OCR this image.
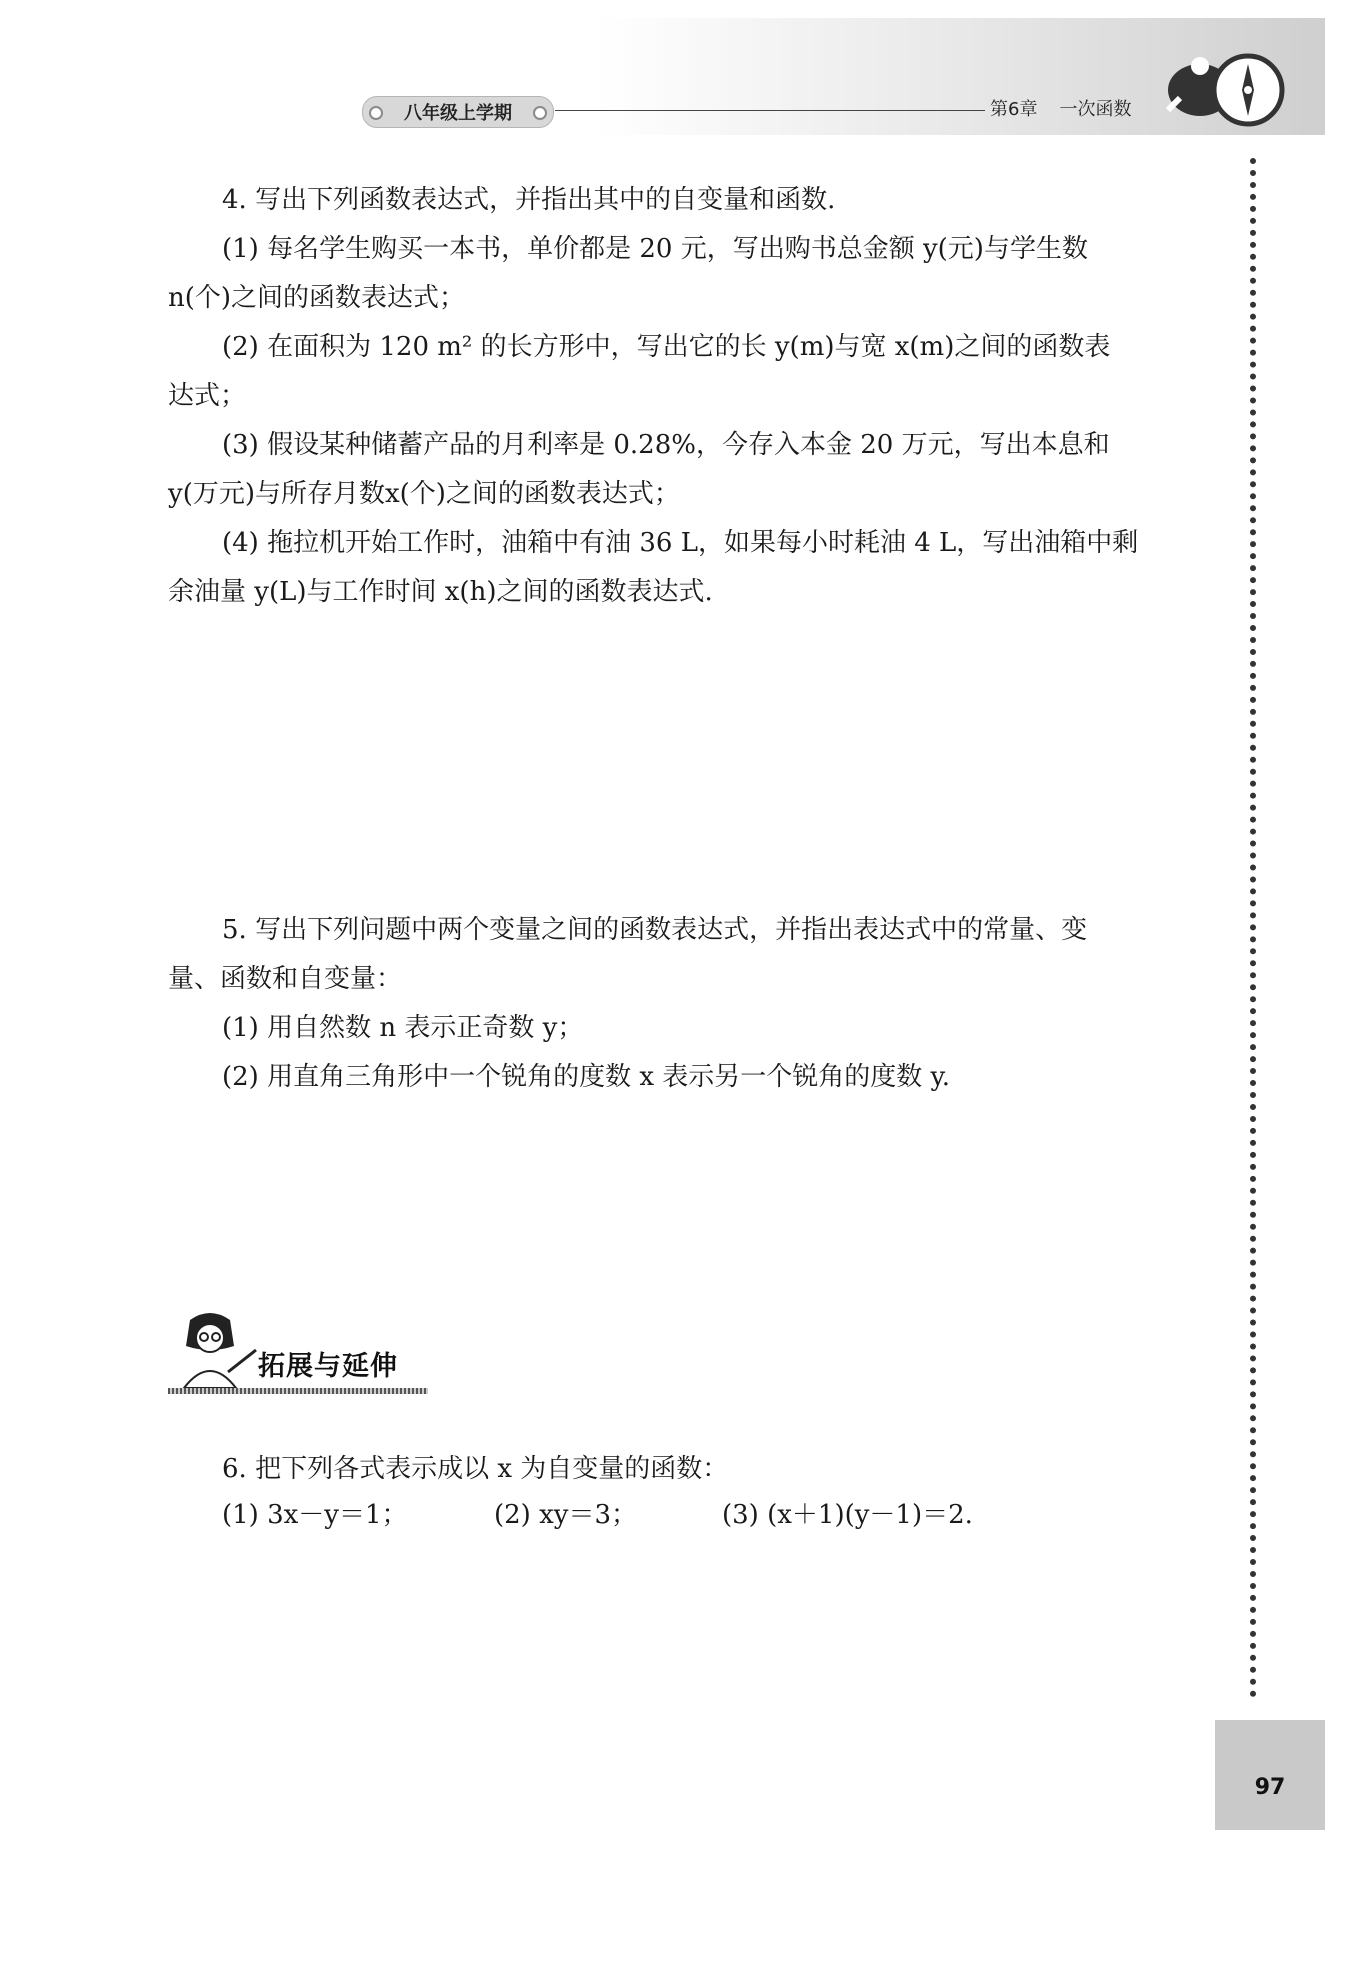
八年级上学期	第6章 一次函数
97
4. 写出下列函数表达式，并指出其中的自变量和函数.
(1) 每名学生购买一本书，单价都是 20 元，写出购书总金额 y(元)与学生数
n(个)之间的函数表达式；
(2) 在面积为 120 m² 的长方形中，写出它的长 y(m)与宽 x(m)之间的函数表
达式；
(3) 假设某种储蓄产品的月利率是 0.28%，今存入本金 20 万元，写出本息和
y(万元)与所存月数x(个)之间的函数表达式；
(4) 拖拉机开始工作时，油箱中有油 36 L，如果每小时耗油 4 L，写出油箱中剩
余油量 y(L)与工作时间 x(h)之间的函数表达式.
5. 写出下列问题中两个变量之间的函数表达式，并指出表达式中的常量、变
量、函数和自变量：
(1) 用自然数 n 表示正奇数 y；
(2) 用直角三角形中一个锐角的度数 x 表示另一个锐角的度数 y.
拓展与延伸
6. 把下列各式表示成以 x 为自变量的函数：
(1) 3x－y＝1；	(2) xy＝3；	(3) (x＋1)(y－1)＝2.
